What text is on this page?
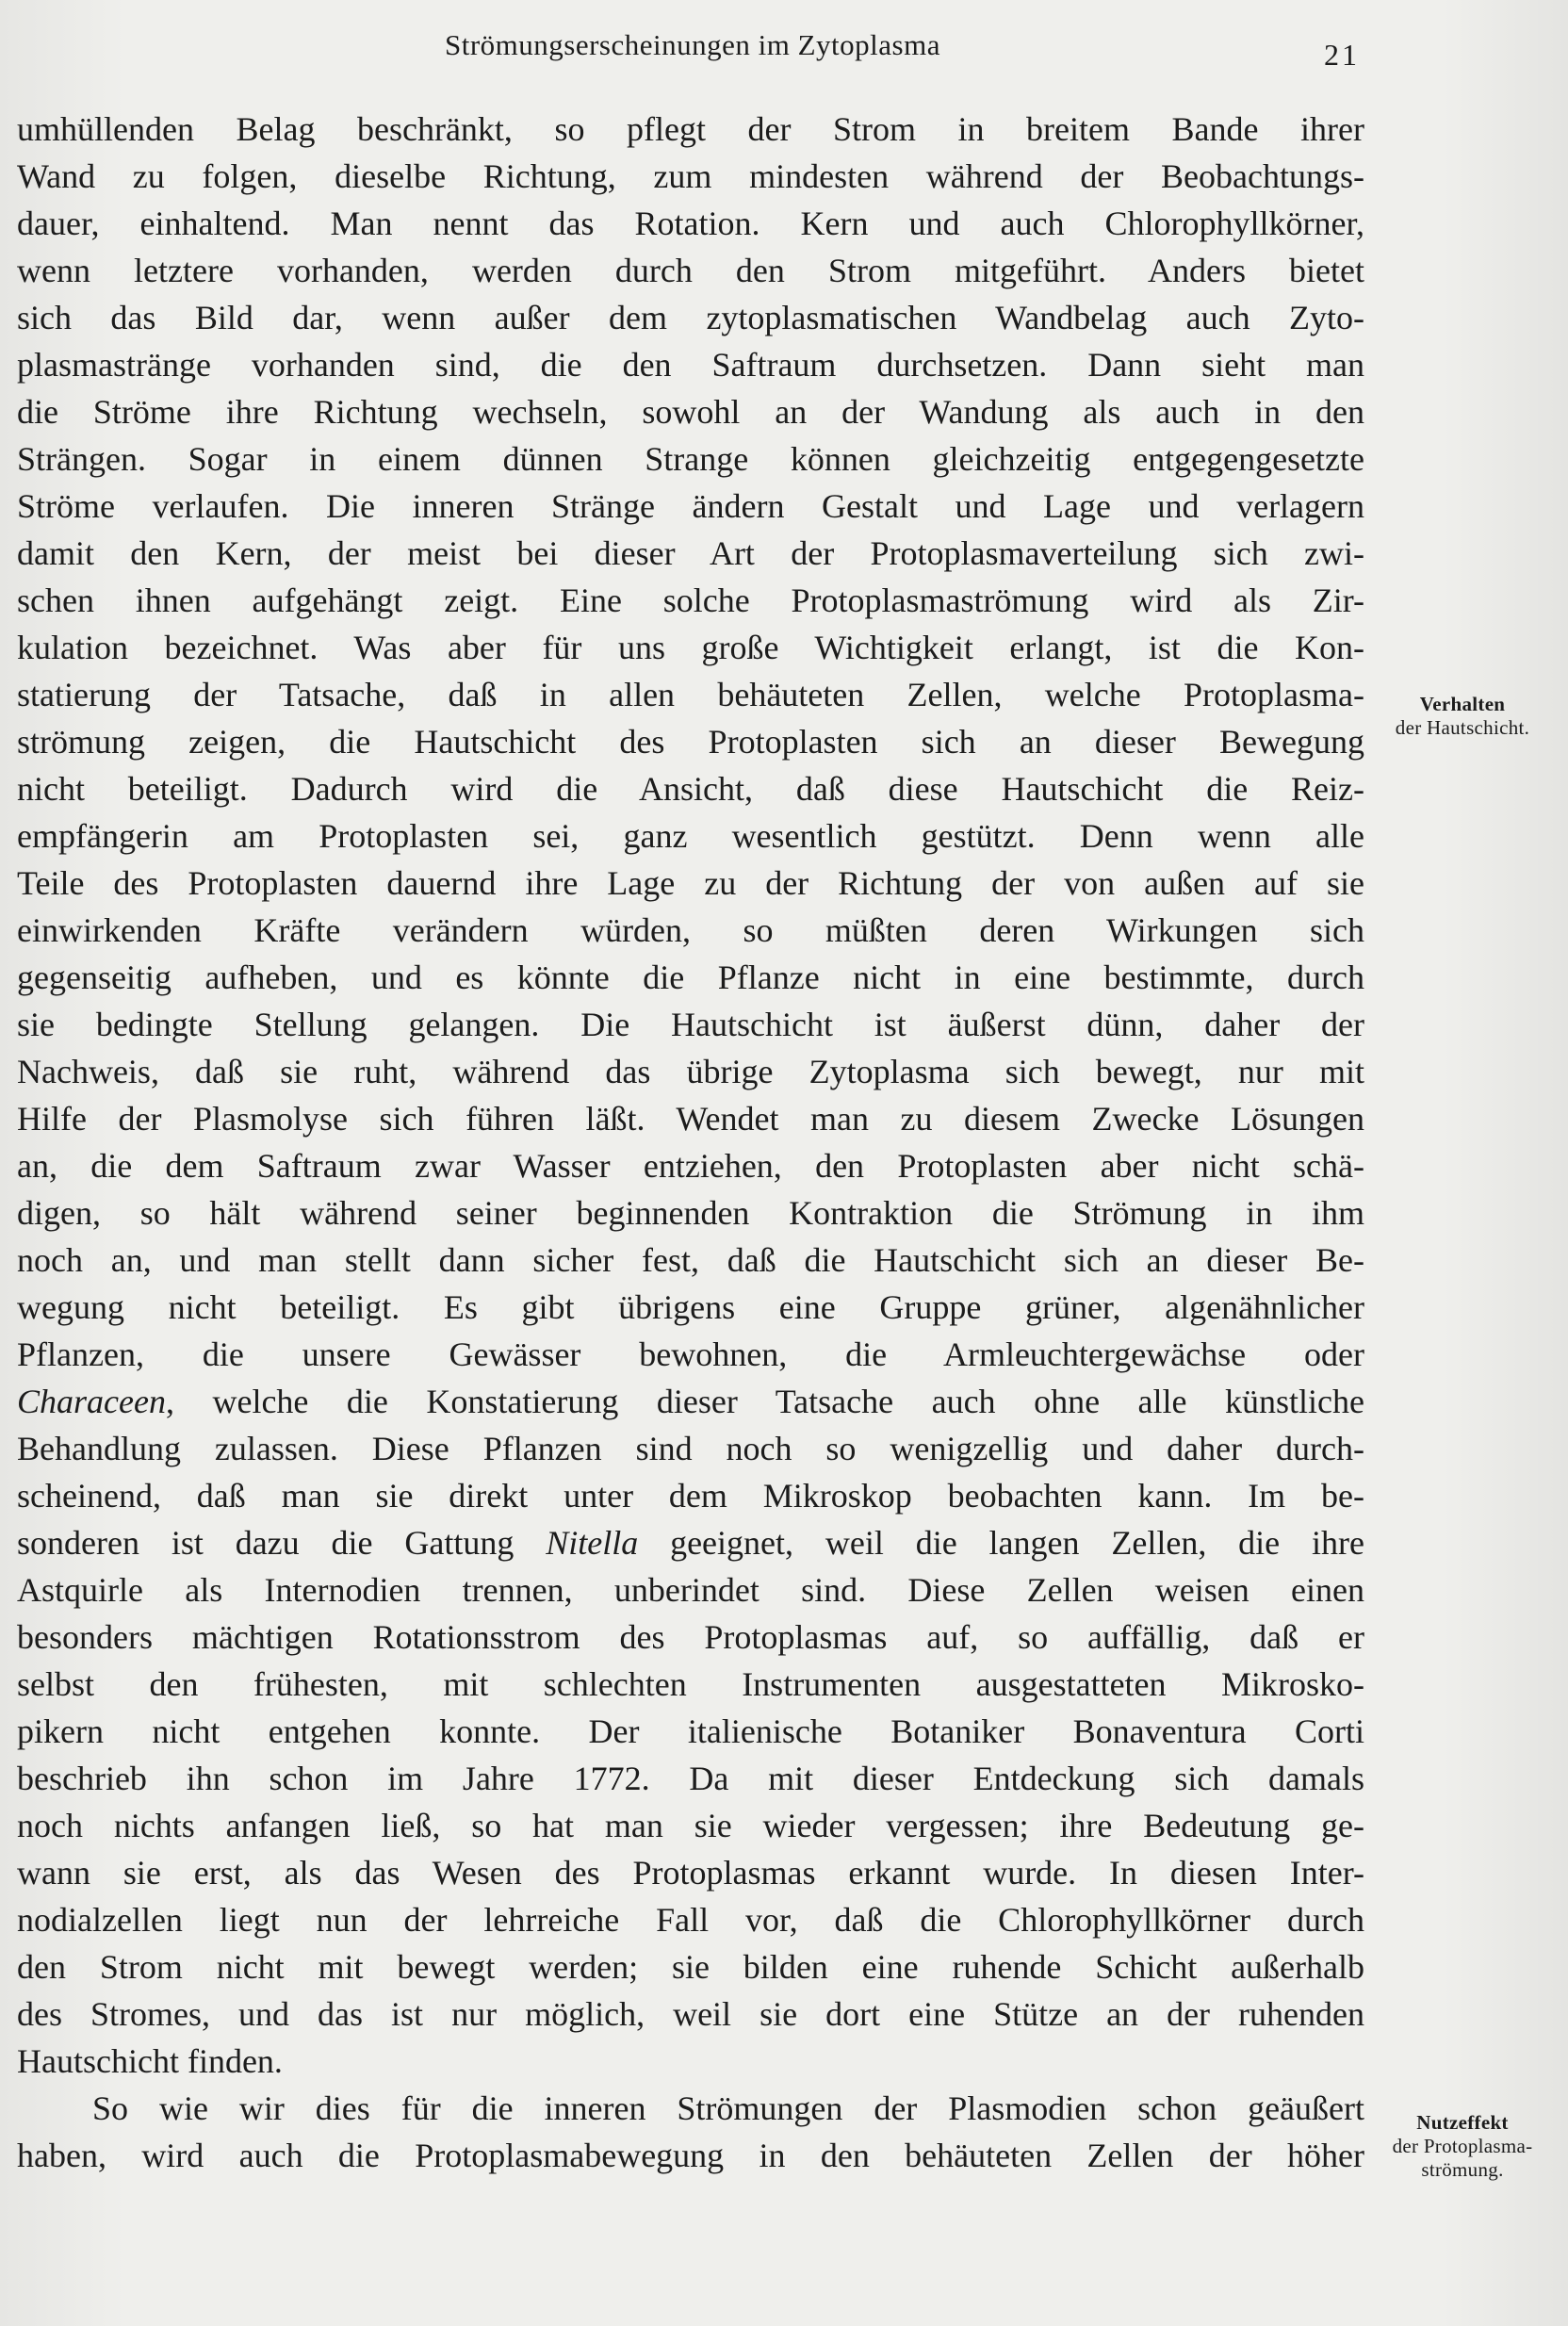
Strömungserscheinungen im Zytoplasma	21
umhüllenden Belag beschränkt, so pflegt der Strom in breitem Bande ihrer
Wand zu folgen, dieselbe Richtung, zum mindesten während der Beobachtungs-
dauer, einhaltend. Man nennt das Rotation. Kern und auch Chlorophyllkörner,
wenn letztere vorhanden, werden durch den Strom mitgeführt. Anders bietet
sich das Bild dar, wenn außer dem zytoplasmatischen Wandbelag auch Zyto-
plasmastränge vorhanden sind, die den Saftraum durchsetzen. Dann sieht man
die Ströme ihre Richtung wechseln, sowohl an der Wandung als auch in den
Strängen. Sogar in einem dünnen Strange können gleichzeitig entgegengesetzte
Ströme verlaufen. Die inneren Stränge ändern Gestalt und Lage und verlagern
damit den Kern, der meist bei dieser Art der Protoplasmaverteilung sich zwi-
schen ihnen aufgehängt zeigt. Eine solche Protoplasmaströmung wird als Zir-
kulation bezeichnet. Was aber für uns große Wichtigkeit erlangt, ist die Kon-
statierung der Tatsache, daß in allen behäuteten Zellen, welche Protoplasma-
strömung zeigen, die Hautschicht des Protoplasten sich an dieser Bewegung
nicht beteiligt. Dadurch wird die Ansicht, daß diese Hautschicht die Reiz-
empfängerin am Protoplasten sei, ganz wesentlich gestützt. Denn wenn alle
Teile des Protoplasten dauernd ihre Lage zu der Richtung der von außen auf sie
einwirkenden Kräfte verändern würden, so müßten deren Wirkungen sich
gegenseitig aufheben, und es könnte die Pflanze nicht in eine bestimmte, durch
sie bedingte Stellung gelangen. Die Hautschicht ist äußerst dünn, daher der
Nachweis, daß sie ruht, während das übrige Zytoplasma sich bewegt, nur mit
Hilfe der Plasmolyse sich führen läßt. Wendet man zu diesem Zwecke Lösungen
an, die dem Saftraum zwar Wasser entziehen, den Protoplasten aber nicht schä-
digen, so hält während seiner beginnenden Kontraktion die Strömung in ihm
noch an, und man stellt dann sicher fest, daß die Hautschicht sich an dieser Be-
wegung nicht beteiligt. Es gibt übrigens eine Gruppe grüner, algenähnlicher
Pflanzen, die unsere Gewässer bewohnen, die Armleuchtergewächse oder
Characeen, welche die Konstatierung dieser Tatsache auch ohne alle künstliche
Behandlung zulassen. Diese Pflanzen sind noch so wenigzellig und daher durch-
scheinend, daß man sie direkt unter dem Mikroskop beobachten kann. Im be-
sonderen ist dazu die Gattung Nitella geeignet, weil die langen Zellen, die ihre
Astquirle als Internodien trennen, unberindet sind. Diese Zellen weisen einen
besonders mächtigen Rotationsstrom des Protoplasmas auf, so auffällig, daß er
selbst den frühesten, mit schlechten Instrumenten ausgestatteten Mikrosko-
pikern nicht entgehen konnte. Der italienische Botaniker Bonaventura Corti
beschrieb ihn schon im Jahre 1772. Da mit dieser Entdeckung sich damals
noch nichts anfangen ließ, so hat man sie wieder vergessen; ihre Bedeutung ge-
wann sie erst, als das Wesen des Protoplasmas erkannt wurde. In diesen Inter-
nodialzellen liegt nun der lehrreiche Fall vor, daß die Chlorophyllkörner durch
den Strom nicht mit bewegt werden; sie bilden eine ruhende Schicht außerhalb
des Stromes, und das ist nur möglich, weil sie dort eine Stütze an der ruhenden
Hautschicht finden.
So wie wir dies für die inneren Strömungen der Plasmodien schon geäußert
haben, wird auch die Protoplasmabewegung in den behäuteten Zellen der höher
Verhalten
der Hautschicht.
Nutzeffekt
der Protoplasma-
strömung.
